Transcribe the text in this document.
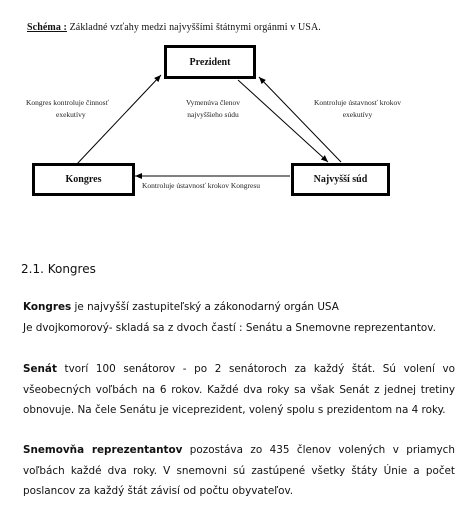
Schéma : Základné vzťahy medzi najvyššími štátnymi orgánmi v USA.
Prezident
Kongres	Najvyšší súd
Kongres kontroluje činnosť
exekutívy
Vymenúva členov
najvyššieho súdu
Kontroluje ústavnosť krokov
exekutívy
Kontroluje ústavnosť krokov Kongresu
2.1. Kongres
Kongres je najvyšší zastupiteľský a zákonodarný orgán USA
Je dvojkomorový- skladá sa z dvoch častí : Senátu a Snemovne reprezentantov.
Senát tvorí 100 senátorov - po 2 senátoroch za každý štát. Sú volení vo všeobecných voľbách na 6 rokov. Každé dva roky sa však Senát z jednej tretiny obnovuje. Na čele Senátu je viceprezident, volený spolu s prezidentom na 4 roky.
Snemovňa reprezentantov pozostáva zo 435 členov volených v priamych voľbách každé dva roky. V snemovni sú zastúpené všetky štáty Únie a počet poslancov za každý štát závisí od počtu obyvateľov.
